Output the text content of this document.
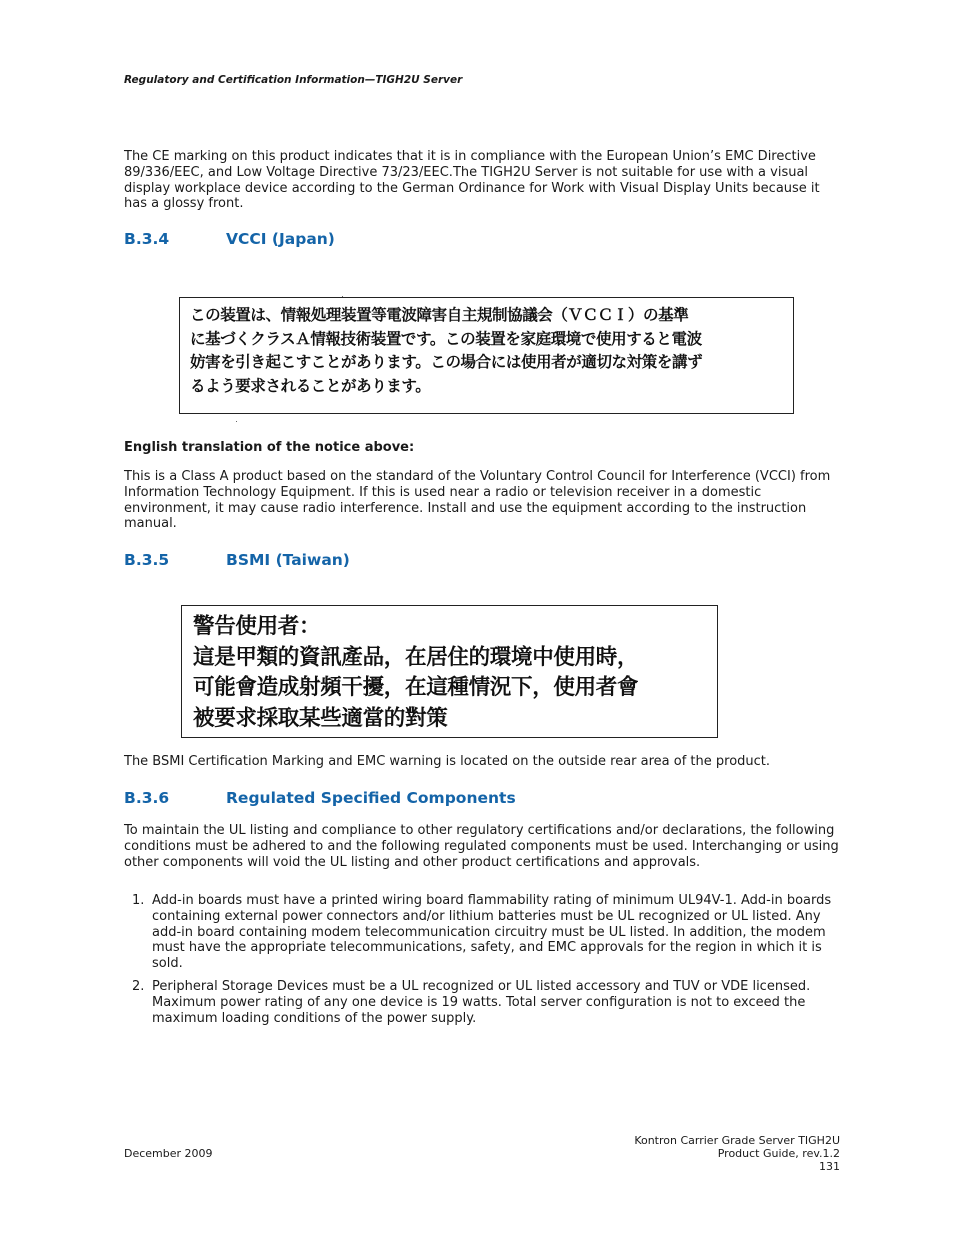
Regulatory and Certification Information—TIGH2U Server

The CE marking on this product indicates that it is in compliance with the European Union’s EMC Directive 89/336/EEC, and Low Voltage Directive 73/23/EEC.The TIGH2U Server is not suitable for use with a visual display workplace device according to the German Ordinance for Work with Visual Display Units because it has a glossy front.

B.3.4	VCCI (Japan)
この装置は、情報処理装置等電波障害自主規制協議会（ＶＣＣＩ）の基準
に基づくクラスＡ情報技術装置です。この装置を家庭環境で使用すると電波
妨害を引き起こすことがあります。この場合には使用者が適切な対策を講ず
るよう要求されることがあります。
English translation of the notice above:

This is a Class A product based on the standard of the Voluntary Control Council for Interference (VCCI) from Information Technology Equipment. If this is used near a radio or television receiver in a domestic environment, it may cause radio interference. Install and use the equipment according to the instruction manual.

B.3.5	BSMI (Taiwan)
警告使用者：
這是甲類的資訊產品，在居住的環境中使用時，
可能會造成射頻干擾，在這種情況下，使用者會
被要求採取某些適當的對策

The BSMI Certification Marking and EMC warning is located on the outside rear area of the product.

B.3.6	Regulated Specified Components

To maintain the UL listing and compliance to other regulatory certifications and/or declarations, the following conditions must be adhered to and the following regulated components must be used. Interchanging or using other components will void the UL listing and other product certifications and approvals.

1. Add-in boards must have a printed wiring board flammability rating of minimum UL94V-1. Add-in boards containing external power connectors and/or lithium batteries must be UL recognized or UL listed. Any add-in board containing modem telecommunication circuitry must be UL listed. In addition, the modem must have the appropriate telecommunications, safety, and EMC approvals for the region in which it is sold.
2. Peripheral Storage Devices must be a UL recognized or UL listed accessory and TUV or VDE licensed. Maximum power rating of any one device is 19 watts. Total server configuration is not to exceed the maximum loading conditions of the power supply.
December 2009
Kontron Carrier Grade Server TIGH2U
Product Guide, rev.1.2
131
